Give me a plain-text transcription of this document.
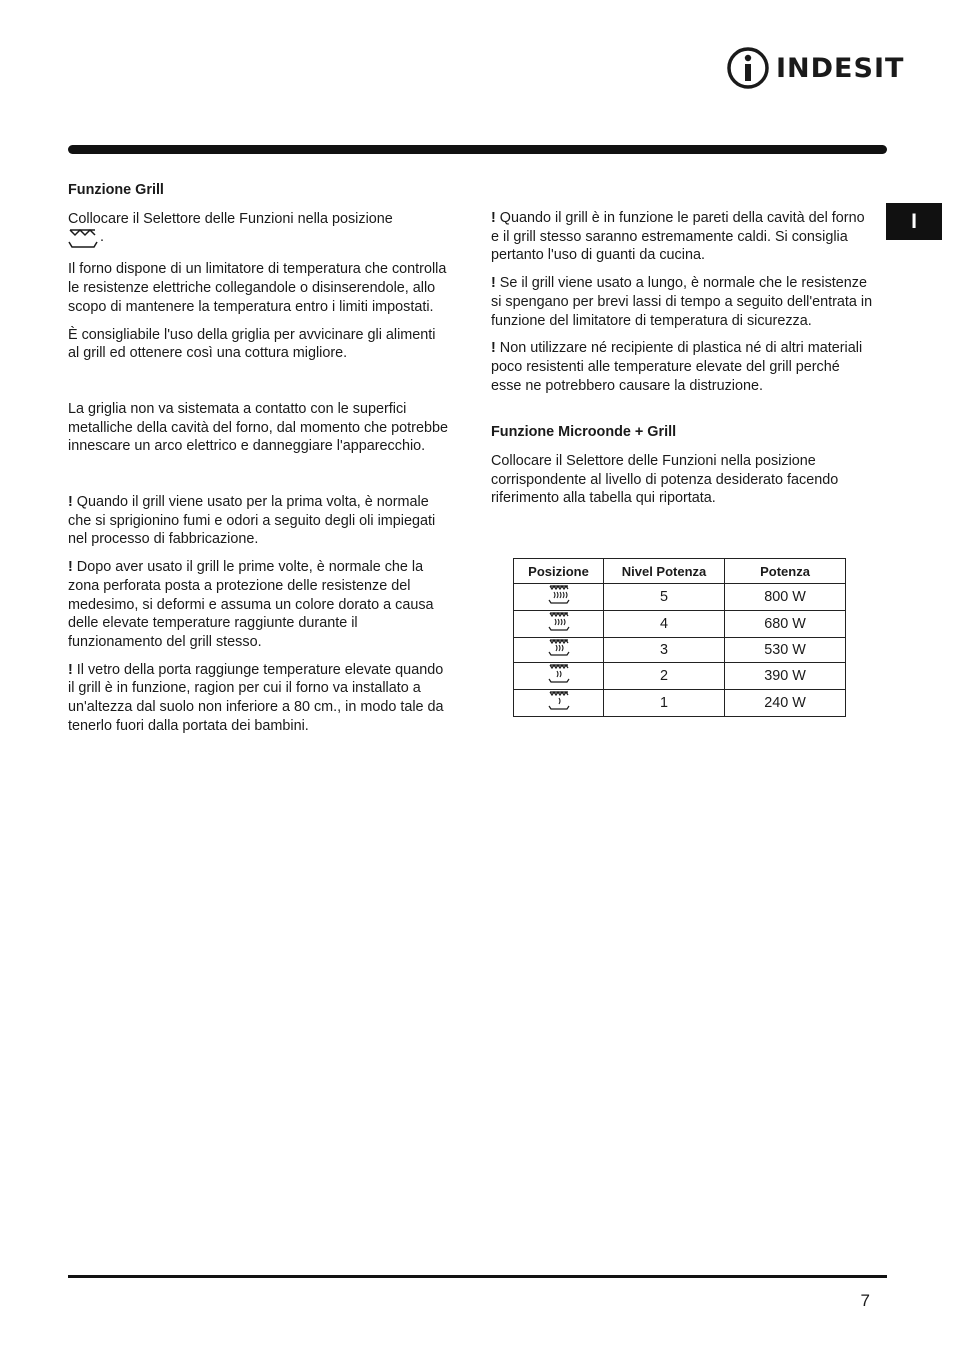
INDESIT
I

Funzione Grill

Collocare il Selettore delle Funzioni nella posizione
.

Il forno dispone di un limitatore di temperatura che controlla le resistenze elettriche collegandole o disinserendole, allo scopo di mantenere la temperatura entro i limiti impostati.

È consigliabile l'uso della griglia per avvicinare gli alimenti al grill ed ottenere così una cottura migliore.

La griglia non va sistemata a contatto con le superfici metalliche della cavità del forno, dal momento che potrebbe innescare un arco elettrico e danneggiare l'apparecchio.

! Quando il grill viene usato per la prima volta, è normale che si sprigionino fumi e odori a seguito degli oli impiegati nel processo di fabbricazione.

! Dopo aver usato il grill le prime volte, è normale che la zona perforata posta a protezione delle resistenze del medesimo, si deformi e assuma un colore dorato a causa delle elevate temperature raggiunte durante il funzionamento del grill stesso.

! Il vetro della porta raggiunge temperature elevate quando il grill è in funzione, ragion per cui il forno va installato a un'altezza dal suolo non inferiore a 80 cm., in modo tale da tenerlo fuori dalla portata dei bambini.

! Quando il grill è in funzione le pareti della cavità del forno e il grill stesso saranno estremamente caldi. Si consiglia pertanto l'uso di guanti da cucina.

! Se il grill viene usato a lungo, è normale che le resistenze si spengano per brevi lassi di tempo a seguito dell'entrata in funzione del limitatore di temperatura di sicurezza.

! Non utilizzare né recipiente di plastica né di altri materiali poco resistenti alle temperature elevate del grill perché esse ne potrebbero causare la distruzione.

Funzione Microonde + Grill

Collocare il Selettore delle Funzioni nella posizione corrispondente al livello di potenza desiderato facendo riferimento alla tabella qui riportata.

Posizione	Nivel Potenza	Potenza
	5	800 W
	4	680 W
	3	530 W
	2	390 W
	1	240 W
7
